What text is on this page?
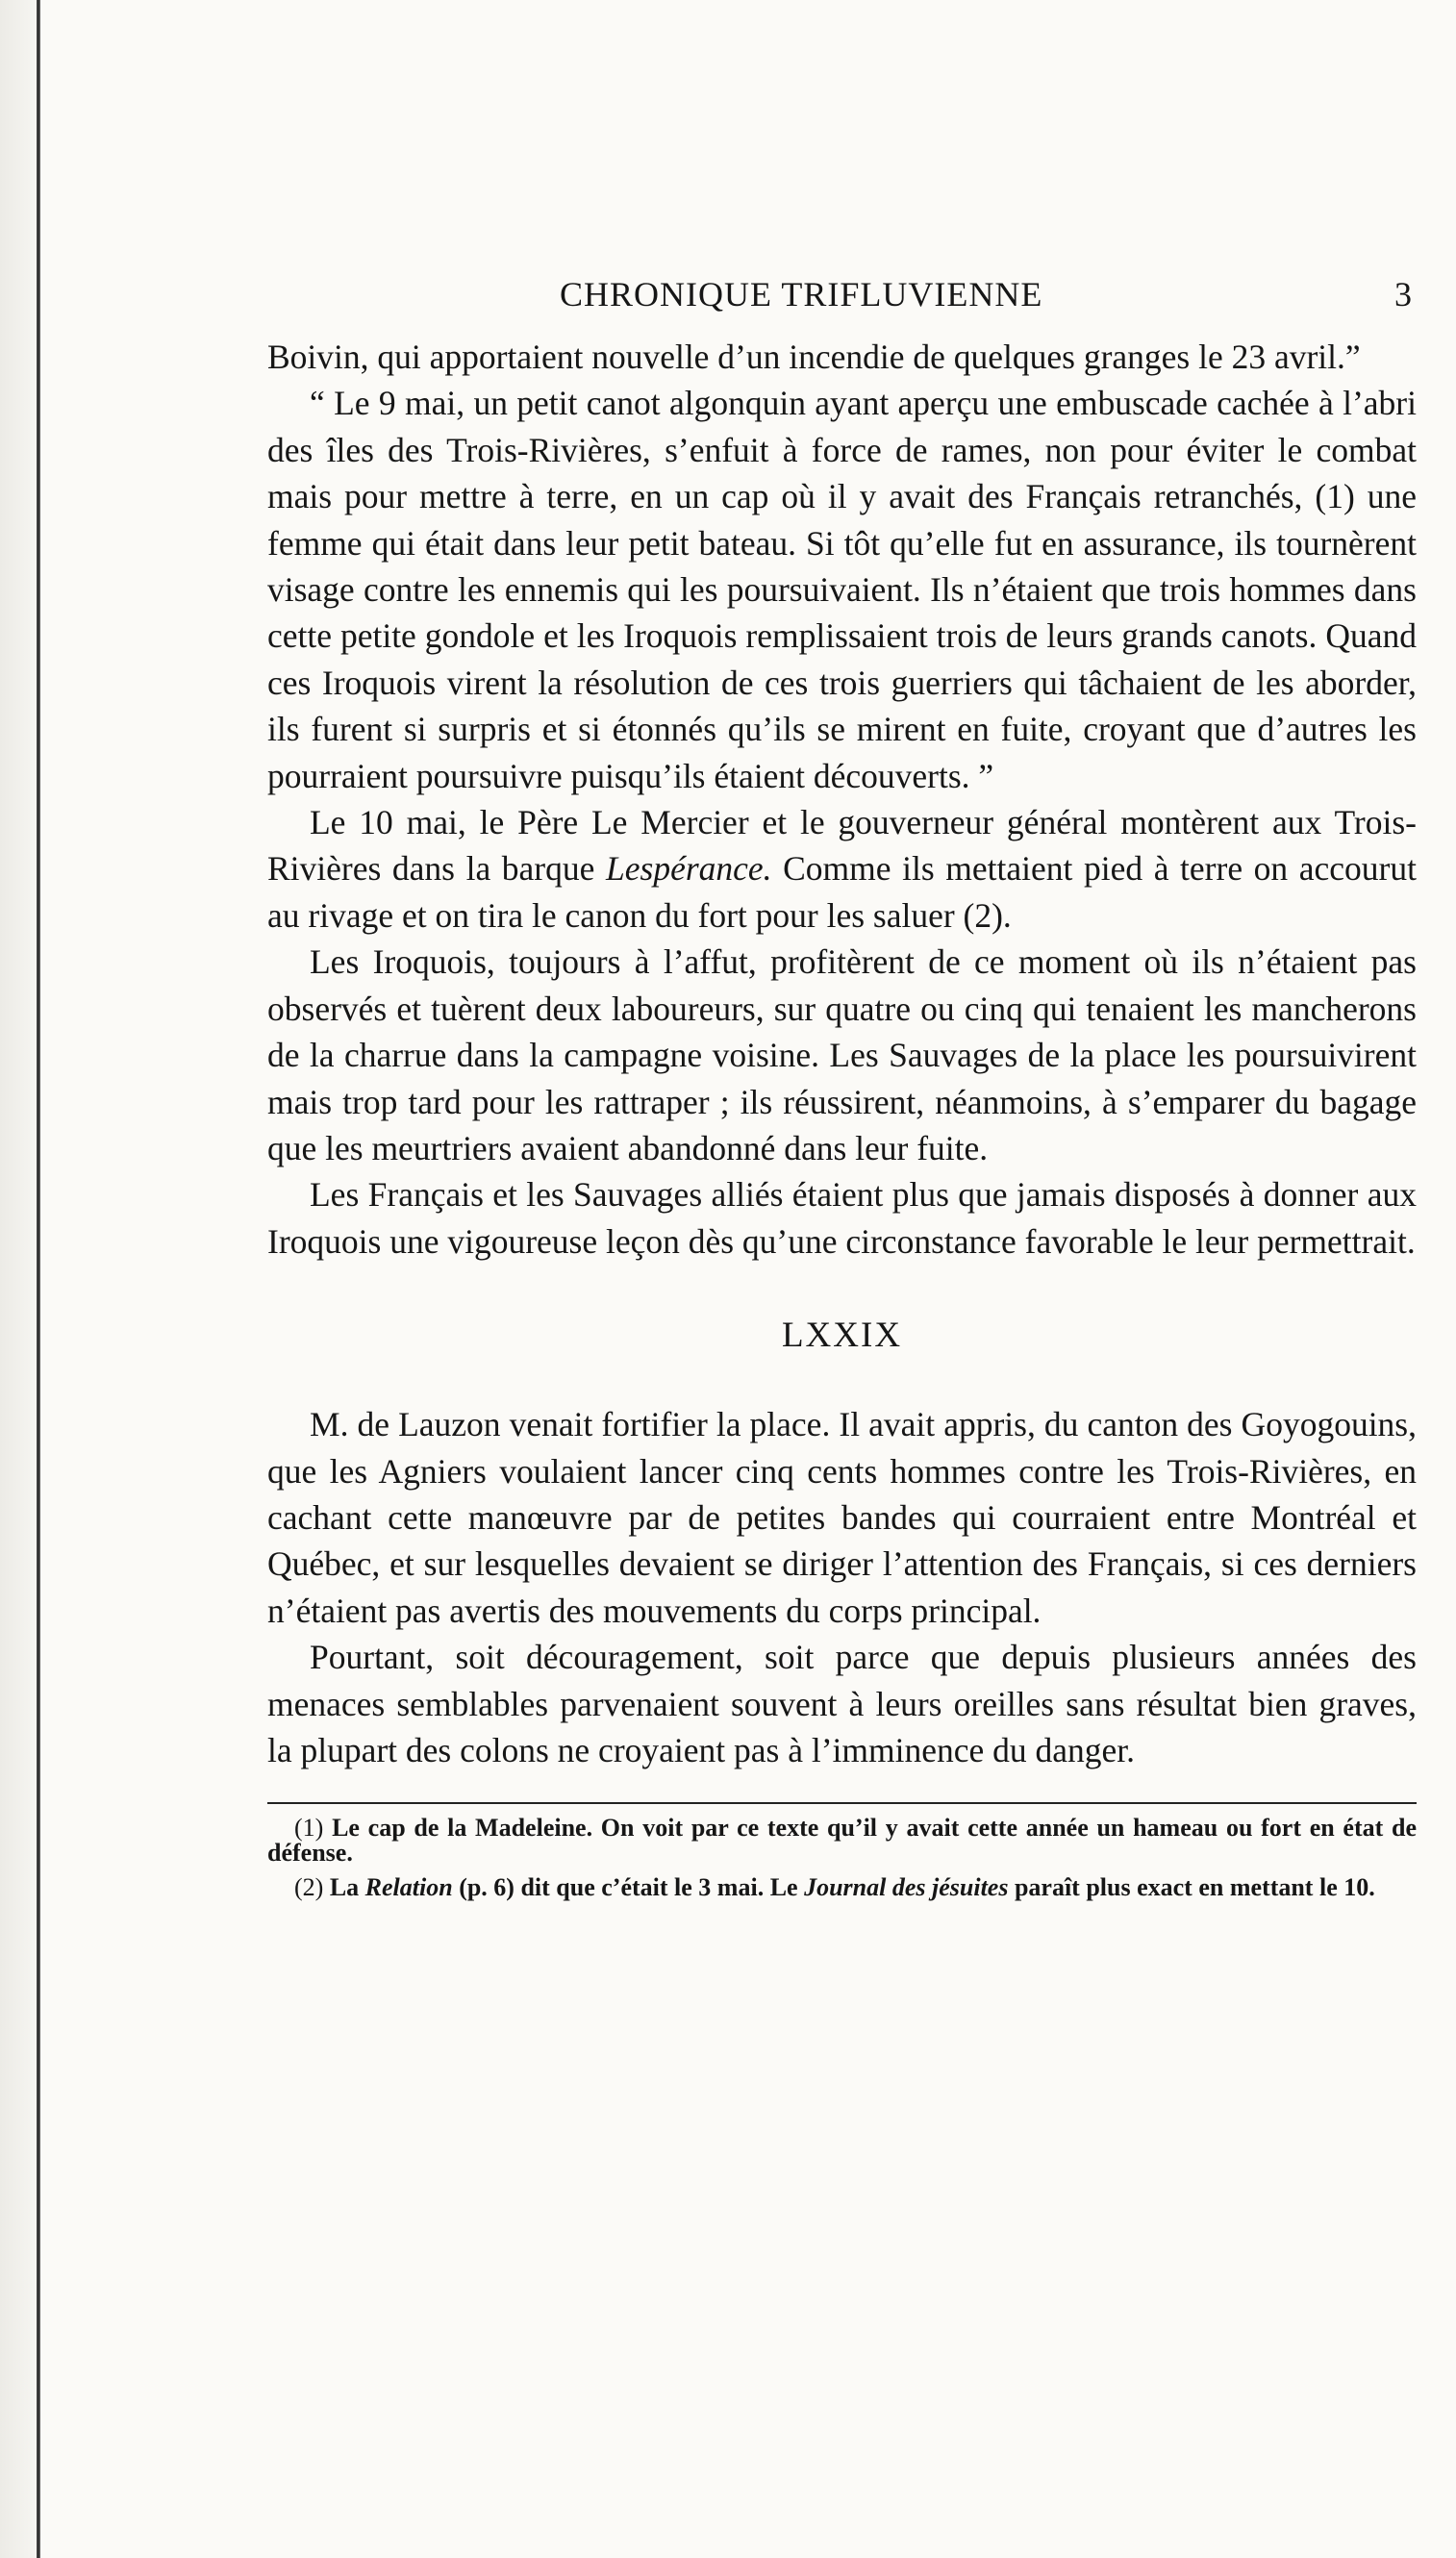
CHRONIQUE TRIFLUVIENNE	3

Boivin, qui apportaient nouvelle d’un incendie de quelques granges le 23 avril.”

“ Le 9 mai, un petit canot algonquin ayant aperçu une embuscade cachée à l’abri des îles des Trois-Rivières, s’enfuit à force de rames, non pour éviter le combat mais pour mettre à terre, en un cap où il y avait des Français retranchés, (1) une femme qui était dans leur petit bateau. Si tôt qu’elle fut en assurance, ils tournèrent visage contre les ennemis qui les poursuivaient. Ils n’étaient que trois hommes dans cette petite gondole et les Iroquois remplissaient trois de leurs grands canots. Quand ces Iroquois virent la résolution de ces trois guerriers qui tâchaient de les aborder, ils furent si surpris et si étonnés qu’ils se mirent en fuite, croyant que d’autres les pourraient poursuivre puisqu’ils étaient découverts. ”

Le 10 mai, le Père Le Mercier et le gouverneur général montèrent aux Trois-Rivières dans la barque Lespérance. Comme ils mettaient pied à terre on accourut au rivage et on tira le canon du fort pour les saluer (2).

Les Iroquois, toujours à l’affut, profitèrent de ce moment où ils n’étaient pas observés et tuèrent deux laboureurs, sur quatre ou cinq qui tenaient les mancherons de la charrue dans la campagne voisine. Les Sauvages de la place les poursuivirent mais trop tard pour les rattraper ; ils réussirent, néanmoins, à s’emparer du bagage que les meurtriers avaient abandonné dans leur fuite.

Les Français et les Sauvages alliés étaient plus que jamais disposés à donner aux Iroquois une vigoureuse leçon dès qu’une circonstance favorable le leur permettrait.

LXXIX

M. de Lauzon venait fortifier la place. Il avait appris, du canton des Goyogouins, que les Agniers voulaient lancer cinq cents hommes contre les Trois-Rivières, en cachant cette manœuvre par de petites bandes qui courraient entre Montréal et Québec, et sur lesquelles devaient se diriger l’attention des Français, si ces derniers n’étaient pas avertis des mouvements du corps principal.

Pourtant, soit découragement, soit parce que depuis plusieurs années des menaces semblables parvenaient souvent à leurs oreilles sans résultat bien graves, la plupart des colons ne croyaient pas à l’imminence du danger.

(1) Le cap de la Madeleine. On voit par ce texte qu’il y avait cette année un hameau ou fort en état de défense.

(2) La Relation (p. 6) dit que c’était le 3 mai. Le Journal des jésuites paraît plus exact en mettant le 10.
